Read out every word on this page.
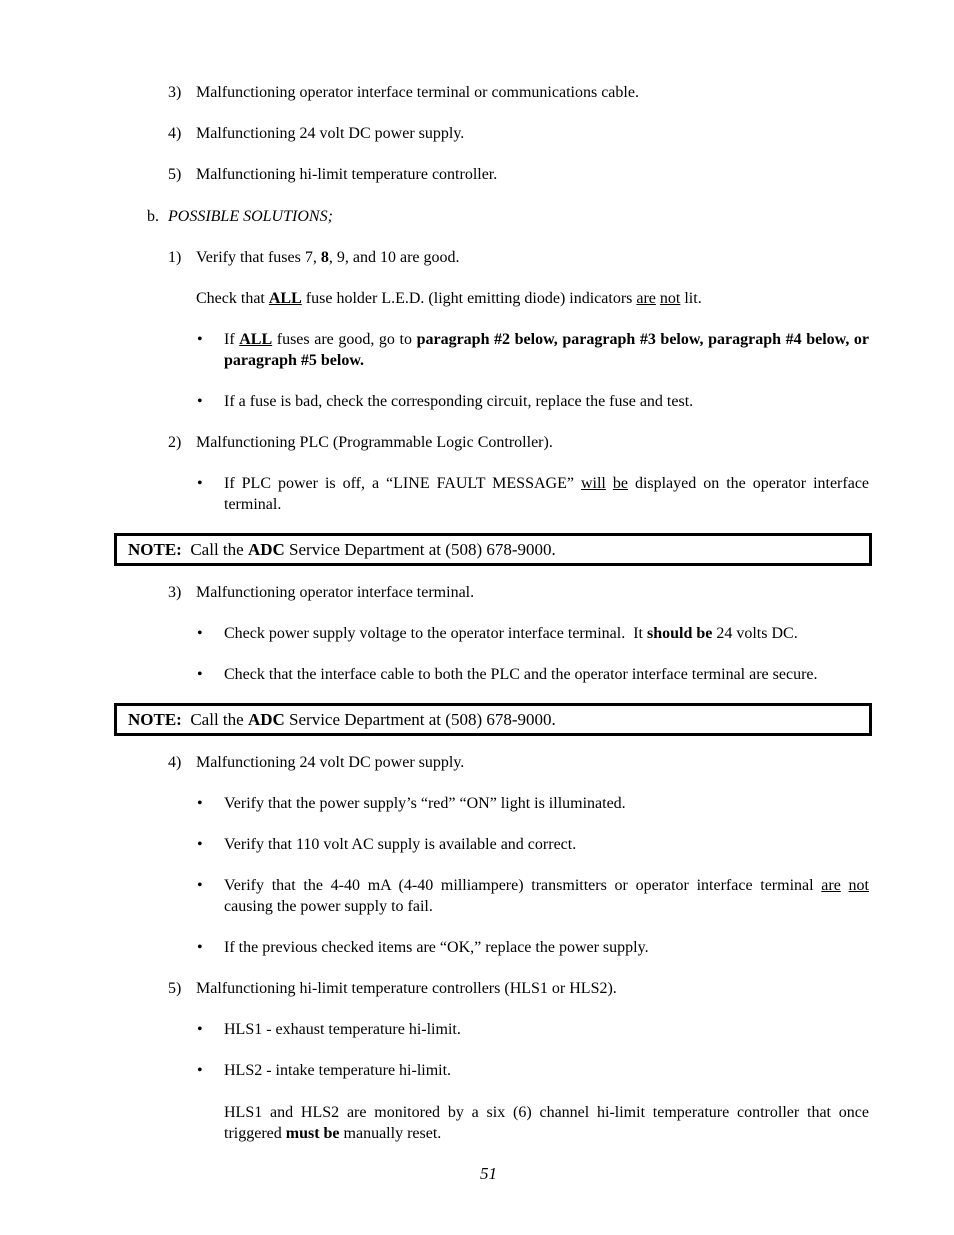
3) Malfunctioning operator interface terminal or communications cable.
4) Malfunctioning 24 volt DC power supply.
5) Malfunctioning hi-limit temperature controller.
b. POSSIBLE SOLUTIONS;
1) Verify that fuses 7, 8, 9, and 10 are good.
Check that ALL fuse holder L.E.D. (light emitting diode) indicators are not lit.
• If ALL fuses are good, go to paragraph #2 below, paragraph #3 below, paragraph #4 below, or paragraph #5 below.
• If a fuse is bad, check the corresponding circuit, replace the fuse and test.
2) Malfunctioning PLC (Programmable Logic Controller).
• If PLC power is off, a “LINE FAULT MESSAGE” will be displayed on the operator interface terminal.
NOTE: Call the ADC Service Department at (508) 678-9000.
3) Malfunctioning operator interface terminal.
• Check power supply voltage to the operator interface terminal.  It should be 24 volts DC.
• Check that the interface cable to both the PLC and the operator interface terminal are secure.
NOTE: Call the ADC Service Department at (508) 678-9000.
4) Malfunctioning 24 volt DC power supply.
• Verify that the power supply’s “red” “ON” light is illuminated.
• Verify that 110 volt AC supply is available and correct.
• Verify that the 4-40 mA (4-40 milliampere) transmitters or operator interface terminal are not causing the power supply to fail.
• If the previous checked items are “OK,” replace the power supply.
5) Malfunctioning hi-limit temperature controllers (HLS1 or HLS2).
• HLS1 - exhaust temperature hi-limit.
• HLS2 - intake temperature hi-limit.
HLS1 and HLS2 are monitored by a six (6) channel hi-limit temperature controller that once triggered must be manually reset.
51
